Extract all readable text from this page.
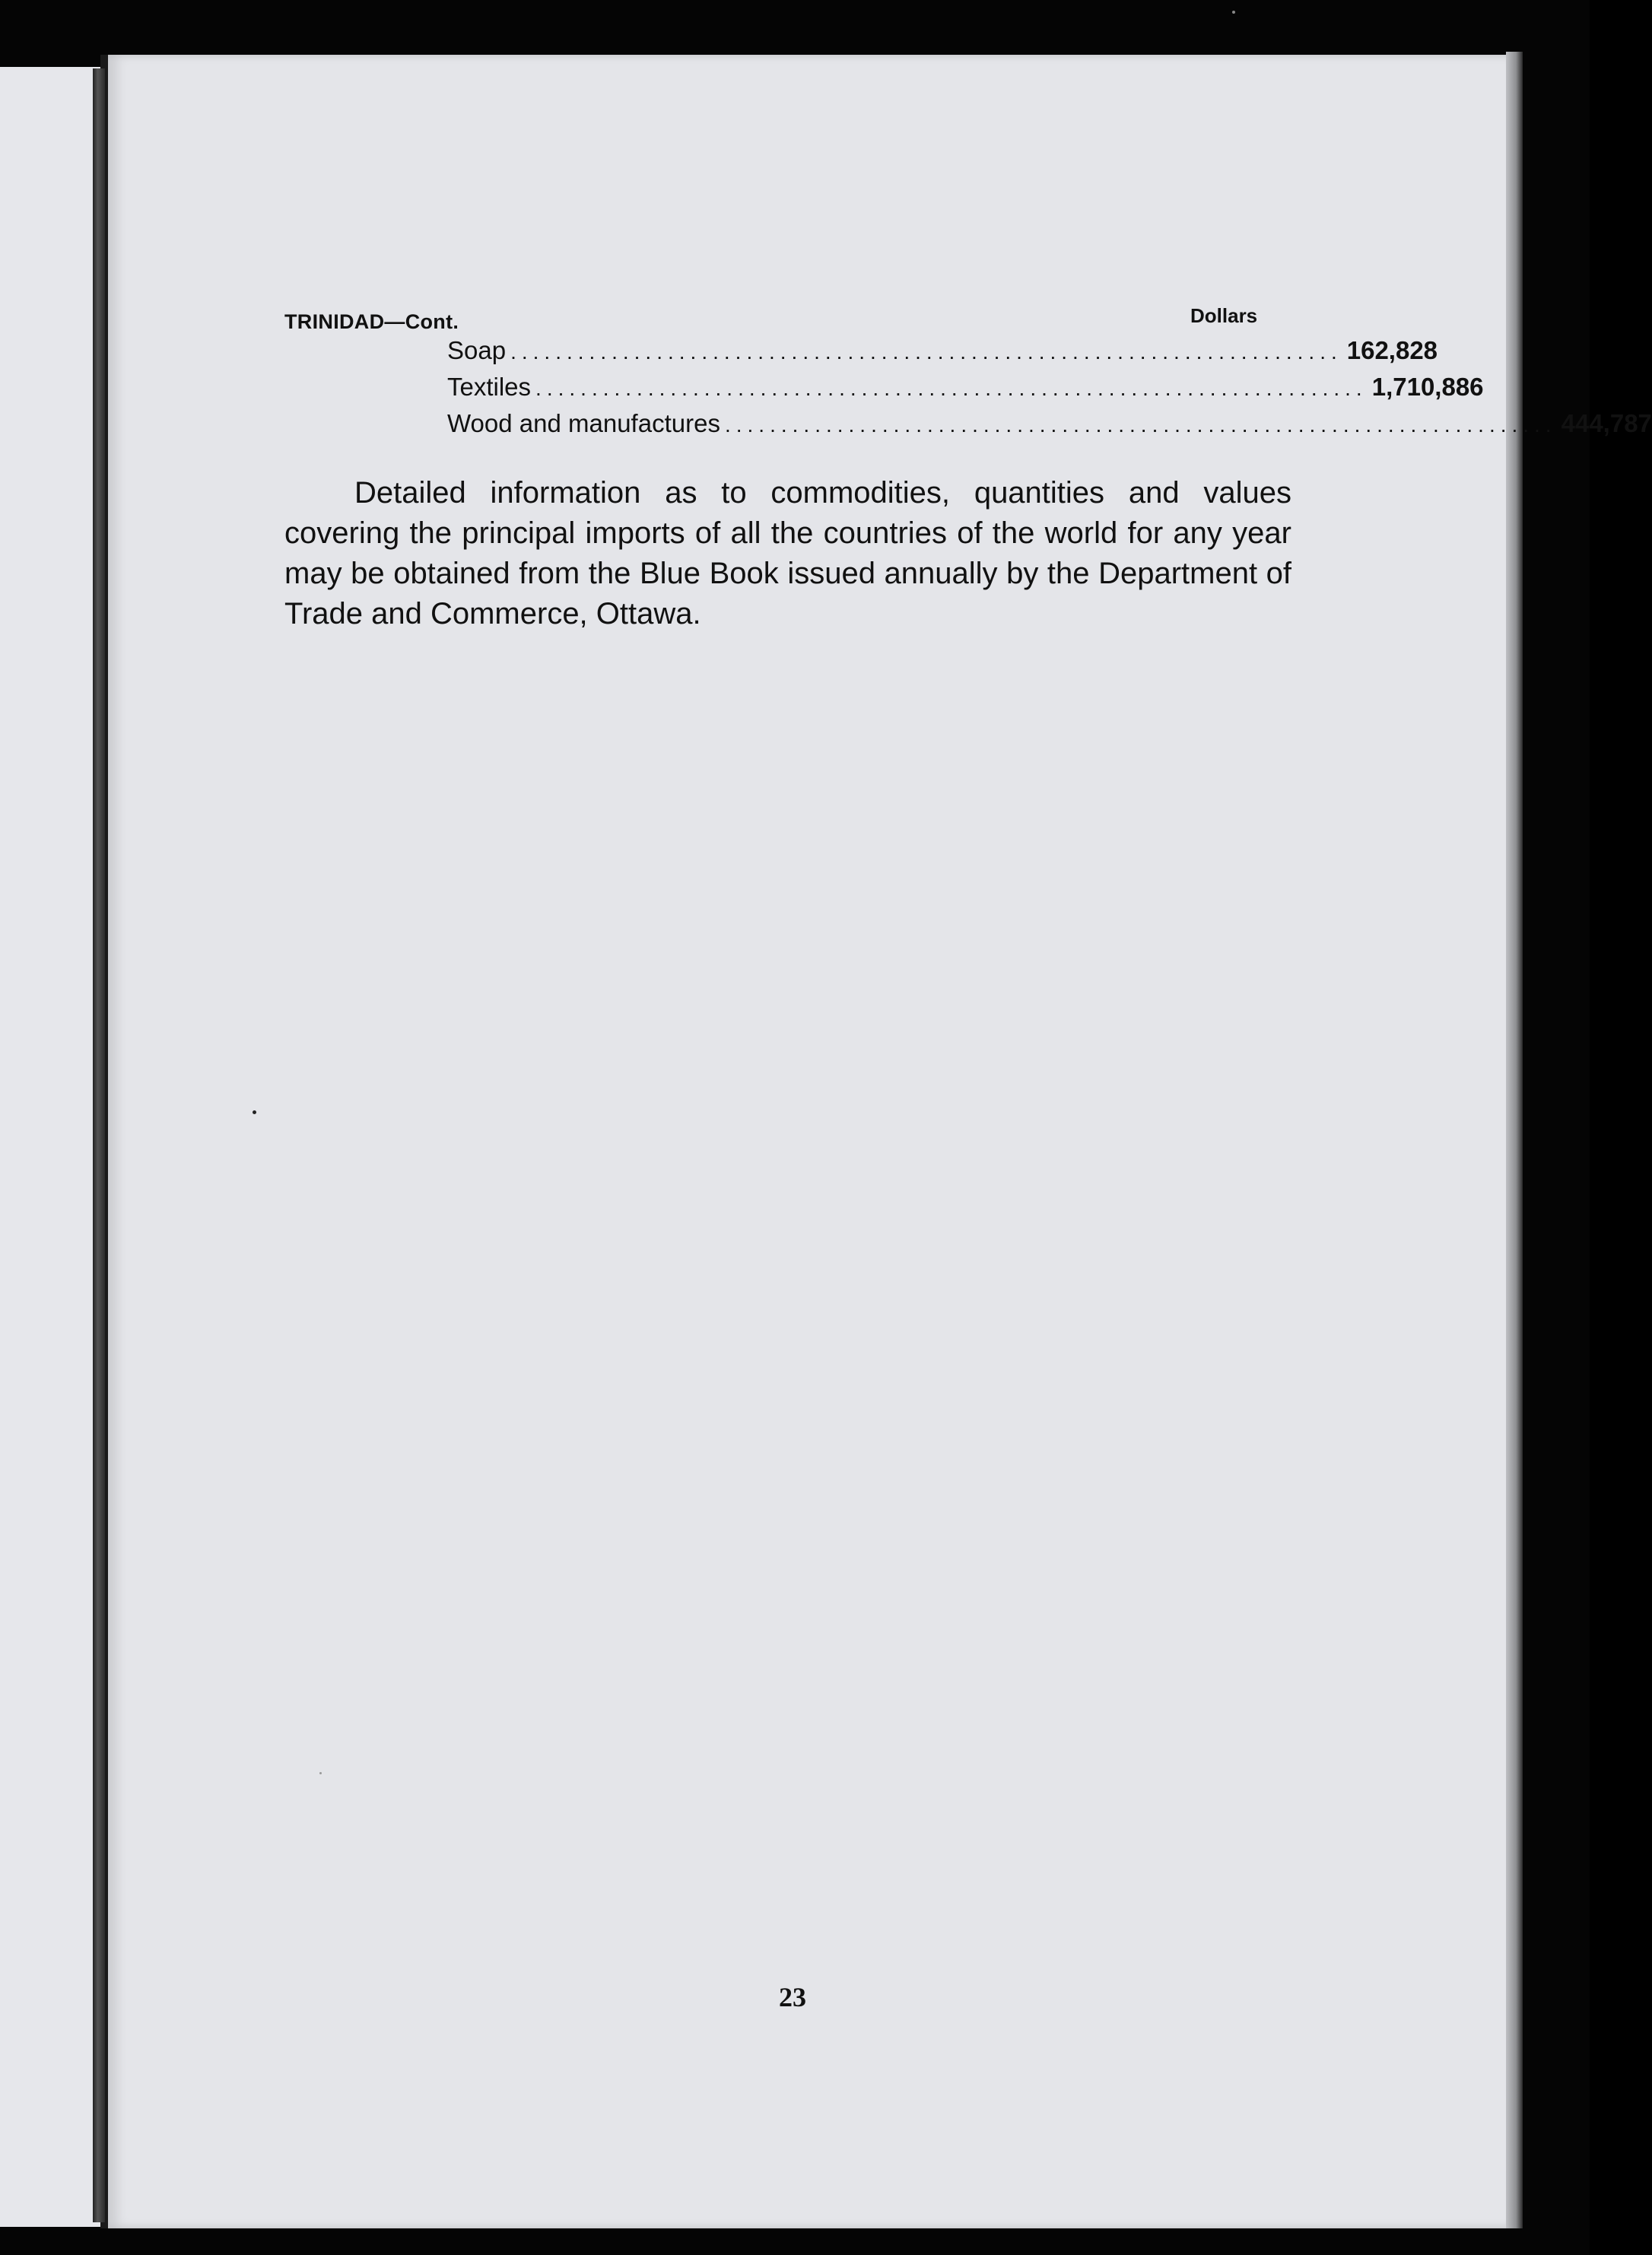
TRINIDAD—Cont.	Dollars
Soap .......................................................................... 162,828
Textiles .......................................................................... 1,710,886
Wood and manufactures .......................................................................... 444,787
Detailed information as to commodities, quantities and values covering the principal imports of all the countries of the world for any year may be obtained from the Blue Book issued annually by the Department of Trade and Commerce, Ottawa.
23
